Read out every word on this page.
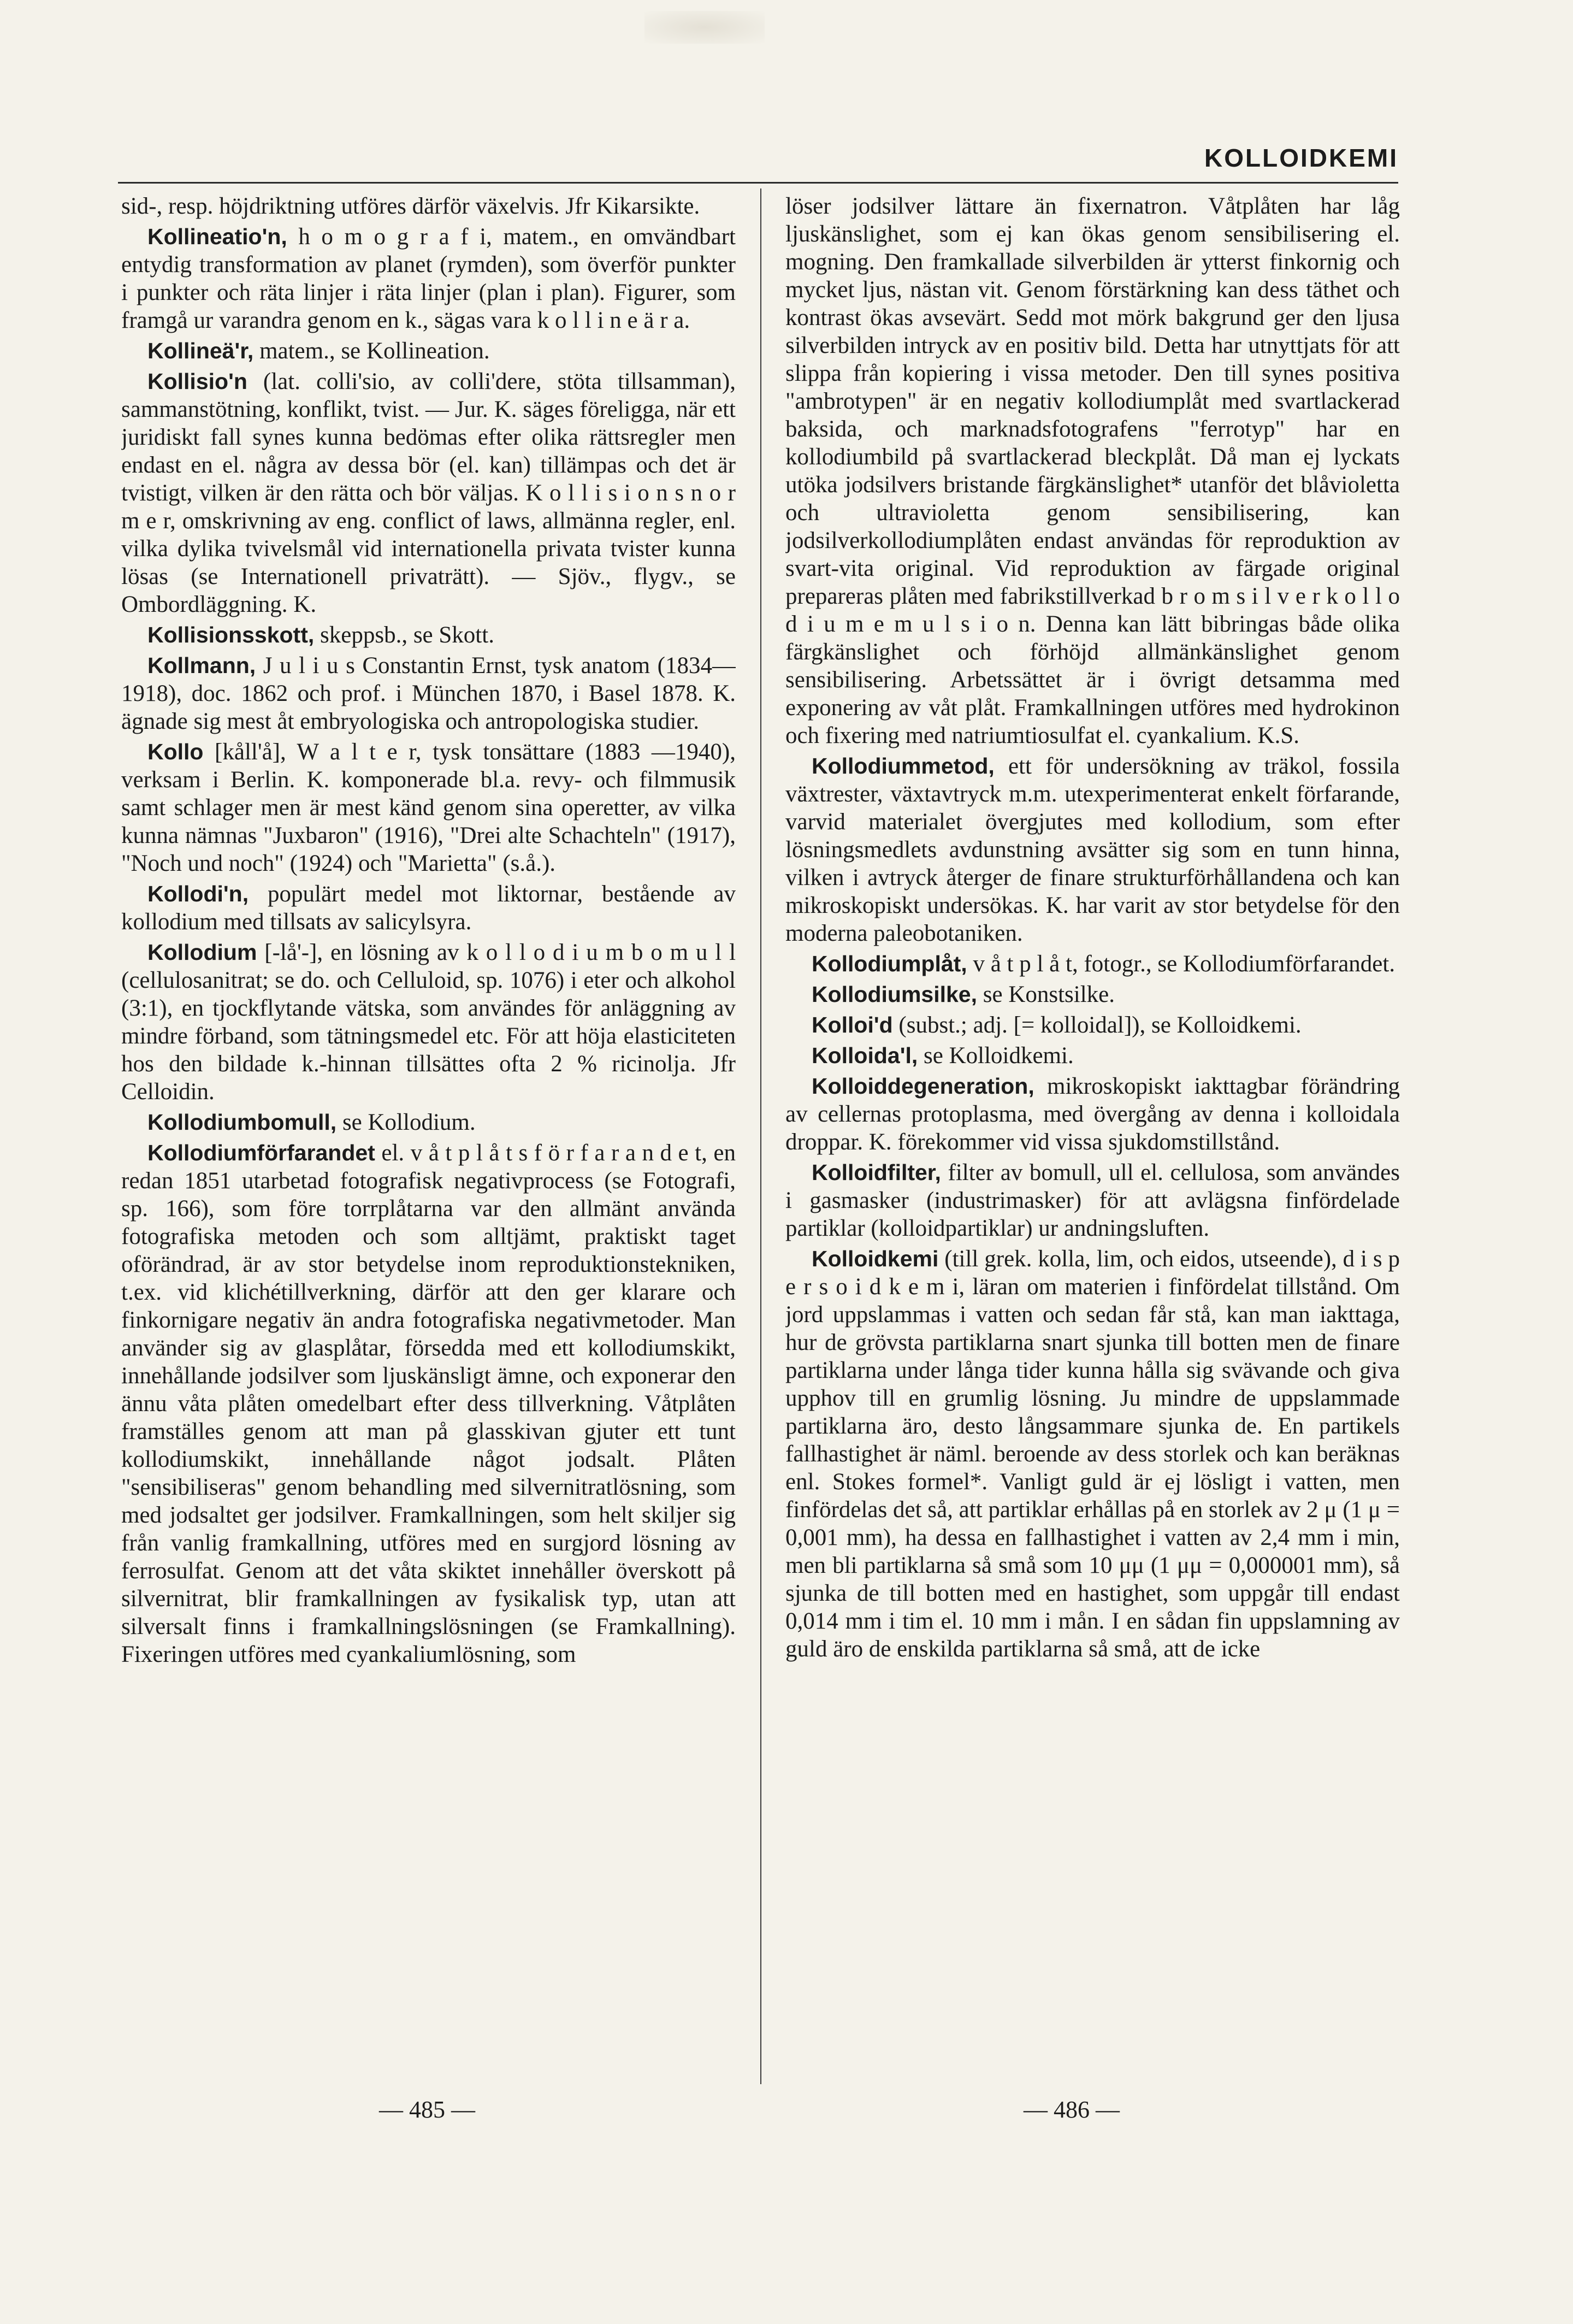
KOLLOIDKEMI

sid-, resp. höjdriktning utföres därför växelvis. Jfr Kikarsikte.

Kollineatio'n, h o m o g r a f i, matem., en omvändbart entydig transformation av planet (rymden), som överför punkter i punkter och räta linjer i räta linjer (plan i plan). Figurer, som framgå ur varandra genom en k., sägas vara k o l l i n e ä r a.

Kollineä'r, matem., se Kollineation.

Kollisio'n (lat. colli'sio, av colli'dere, stöta tillsamman), sammanstötning, konflikt, tvist. — Jur. K. säges föreligga, när ett juridiskt fall synes kunna bedömas efter olika rättsregler men endast en el. några av dessa bör (el. kan) tillämpas och det är tvistigt, vilken är den rätta och bör väljas. K o l l i s i o n s n o r m e r, omskrivning av eng. conflict of laws, allmänna regler, enl. vilka dylika tvivelsmål vid internationella privata tvister kunna lösas (se Internationell privaträtt). — Sjöv., flygv., se Ombordläggning. K.

Kollisionsskott, skeppsb., se Skott.

Kollmann, J u l i u s Constantin Ernst, tysk anatom (1834—1918), doc. 1862 och prof. i München 1870, i Basel 1878. K. ägnade sig mest åt embryologiska och antropologiska studier.

Kollo [kåll'å], W a l t e r, tysk tonsättare (1883 —1940), verksam i Berlin. K. komponerade bl.a. revy- och filmmusik samt schlager men är mest känd genom sina operetter, av vilka kunna nämnas "Juxbaron" (1916), "Drei alte Schachteln" (1917), "Noch und noch" (1924) och "Marietta" (s.å.).

Kollodi'n, populärt medel mot liktornar, bestående av kollodium med tillsats av salicylsyra.

Kollodium [-lå'-], en lösning av k o l l o d i u m b o m u l l (cellulosanitrat; se do. och Celluloid, sp. 1076) i eter och alkohol (3:1), en tjockflytande vätska, som användes för anläggning av mindre förband, som tätningsmedel etc. För att höja elasticiteten hos den bildade k.-hinnan tillsättes ofta 2 % ricinolja. Jfr Celloidin.

Kollodiumbomull, se Kollodium.

Kollodiumförfarandet el. v å t p l å t s f ö r f a r a n d e t, en redan 1851 utarbetad fotografisk negativprocess (se Fotografi, sp. 166), som före torrplåtarna var den allmänt använda fotografiska metoden och som alltjämt, praktiskt taget oförändrad, är av stor betydelse inom reproduktionstekniken, t.ex. vid klichétillverkning, därför att den ger klarare och finkornigare negativ än andra fotografiska negativmetoder. Man använder sig av glasplåtar, försedda med ett kollodiumskikt, innehållande jodsilver som ljuskänsligt ämne, och exponerar den ännu våta plåten omedelbart efter dess tillverkning. Våtplåten framställes genom att man på glasskivan gjuter ett tunt kollodiumskikt, innehållande något jodsalt. Plåten "sensibiliseras" genom behandling med silvernitratlösning, som med jodsaltet ger jodsilver. Framkallningen, som helt skiljer sig från vanlig framkallning, utföres med en surgjord lösning av ferrosulfat. Genom att det våta skiktet innehåller överskott på silvernitrat, blir framkallningen av fysikalisk typ, utan att silversalt finns i framkallningslösningen (se Framkallning). Fixeringen utföres med cyankaliumlösning, som

löser jodsilver lättare än fixernatron. Våtplåten har låg ljuskänslighet, som ej kan ökas genom sensibilisering el. mogning. Den framkallade silverbilden är ytterst finkornig och mycket ljus, nästan vit. Genom förstärkning kan dess täthet och kontrast ökas avsevärt. Sedd mot mörk bakgrund ger den ljusa silverbilden intryck av en positiv bild. Detta har utnyttjats för att slippa från kopiering i vissa metoder. Den till synes positiva "ambrotypen" är en negativ kollodiumplåt med svartlackerad baksida, och marknadsfotografens "ferrotyp" har en kollodiumbild på svartlackerad bleckplåt. Då man ej lyckats utöka jodsilvers bristande färgkänslighet* utanför det blåvioletta och ultravioletta genom sensibilisering, kan jodsilverkollodiumplåten endast användas för reproduktion av svart-vita original. Vid reproduktion av färgade original prepareras plåten med fabrikstillverkad b r o m s i l v e r k o l l o d i u m e m u l s i o n. Denna kan lätt bibringas både olika färgkänslighet och förhöjd allmänkänslighet genom sensibilisering. Arbetssättet är i övrigt detsamma med exponering av våt plåt. Framkallningen utföres med hydrokinon och fixering med natriumtiosulfat el. cyankalium. K.S.

Kollodiummetod, ett för undersökning av träkol, fossila växtrester, växtavtryck m.m. utexperimenterat enkelt förfarande, varvid materialet övergjutes med kollodium, som efter lösningsmedlets avdunstning avsätter sig som en tunn hinna, vilken i avtryck återger de finare strukturförhållandena och kan mikroskopiskt undersökas. K. har varit av stor betydelse för den moderna paleobotaniken.

Kollodiumplåt, v å t p l å t, fotogr., se Kollodiumförfarandet.

Kollodiumsilke, se Konstsilke.

Kolloi'd (subst.; adj. [= kolloidal]), se Kolloidkemi.

Kolloida'l, se Kolloidkemi.

Kolloiddegeneration, mikroskopiskt iakttagbar förändring av cellernas protoplasma, med övergång av denna i kolloidala droppar. K. förekommer vid vissa sjukdomstillstånd.

Kolloidfilter, filter av bomull, ull el. cellulosa, som användes i gasmasker (industrimasker) för att avlägsna finfördelade partiklar (kolloidpartiklar) ur andningsluften.

Kolloidkemi (till grek. kolla, lim, och eidos, utseende), d i s p e r s o i d k e m i, läran om materien i finfördelat tillstånd. Om jord uppslammas i vatten och sedan får stå, kan man iakttaga, hur de grövsta partiklarna snart sjunka till botten men de finare partiklarna under långa tider kunna hålla sig svävande och giva upphov till en grumlig lösning. Ju mindre de uppslammade partiklarna äro, desto långsammare sjunka de. En partikels fallhastighet är näml. beroende av dess storlek och kan beräknas enl. Stokes formel*. Vanligt guld är ej lösligt i vatten, men finfördelas det så, att partiklar erhållas på en storlek av 2 μ (1 μ = 0,001 mm), ha dessa en fallhastighet i vatten av 2,4 mm i min, men bli partiklarna så små som 10 μμ (1 μμ = 0,000001 mm), så sjunka de till botten med en hastighet, som uppgår till endast 0,014 mm i tim el. 10 mm i mån. I en sådan fin uppslamning av guld äro de enskilda partiklarna så små, att de icke

— 485 —	— 486 —
